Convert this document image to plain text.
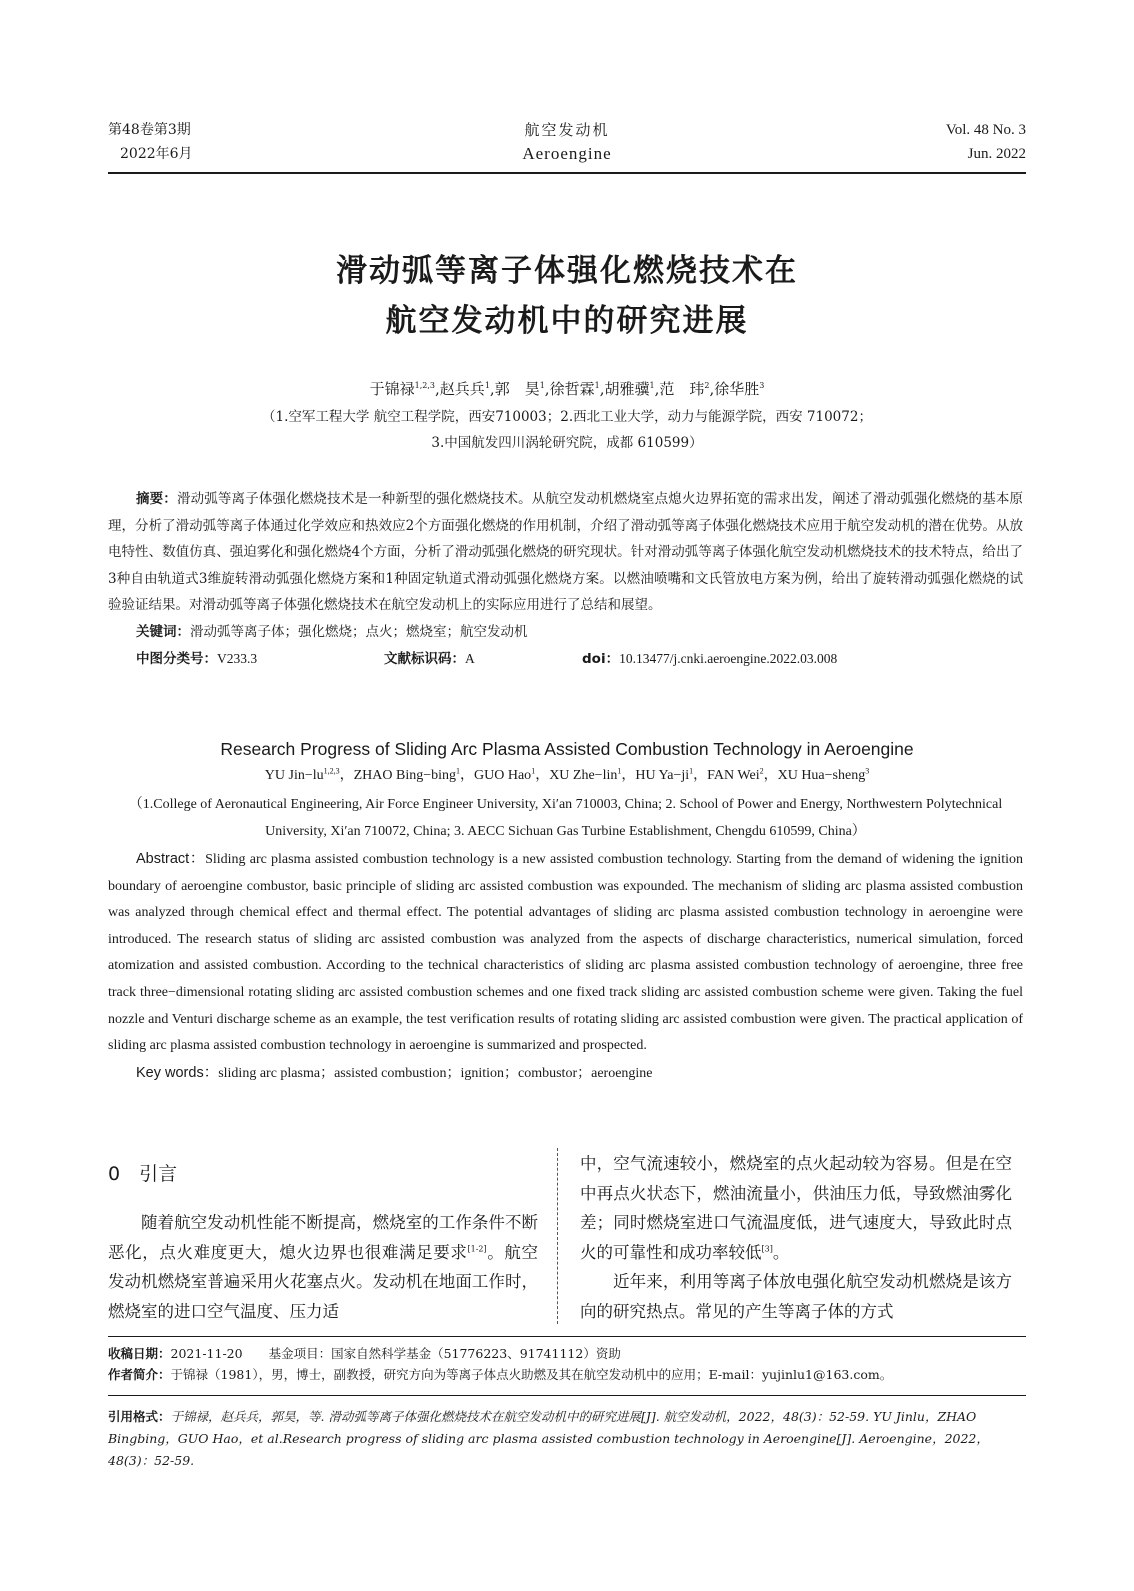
第48卷第3期
2022年6月
航空发动机
Aeroengine
Vol. 48 No. 3
Jun. 2022
滑动弧等离子体强化燃烧技术在
航空发动机中的研究进展
于锦禄$^{1,2,3}$,赵兵兵$^1$,郭　昊$^1$,徐哲霖$^1$,胡雅骥$^1$,范　玮$^2$,徐华胜$^3$
（1.空军工程大学 航空工程学院，西安710003；2.西北工业大学，动力与能源学院，西安 710072；
3.中国航发四川涡轮研究院，成都 610599）

摘要：滑动弧等离子体强化燃烧技术是一种新型的强化燃烧技术。从航空发动机燃烧室点熄火边界拓宽的需求出发，阐述了滑动弧强化燃烧的基本原理，分析了滑动弧等离子体通过化学效应和热效应2个方面强化燃烧的作用机制，介绍了滑动弧等离子体强化燃烧技术应用于航空发动机的潜在优势。从放电特性、数值仿真、强迫雾化和强化燃烧4个方面，分析了滑动弧强化燃烧的研究现状。针对滑动弧等离子体强化航空发动机燃烧技术的技术特点，给出了3种自由轨道式3维旋转滑动弧强化燃烧方案和1种固定轨道式滑动弧强化燃烧方案。以燃油喷嘴和文氏管放电方案为例，给出了旋转滑动弧强化燃烧的试验验证结果。对滑动弧等离子体强化燃烧技术在航空发动机上的实际应用进行了总结和展望。

关键词：滑动弧等离子体；强化燃烧；点火；燃烧室；航空发动机

中图分类号：V233.3	文献标识码：A	doi：10.13477/j.cnki.aeroengine.2022.03.008
Research Progress of Sliding Arc Plasma Assisted Combustion Technology in Aeroengine
YU Jin−lu$^{1,2,3}$，ZHAO Bing−bing$^1$，GUO Hao$^1$，XU Zhe−lin$^1$，HU $Ya-ji^1$，FAN Wei$^2$，XU Hua−sheng$^3$
（1.College of Aeronautical Engineering, Air Force Engineer University, Xi′an 710003, China; 2. School of Power and Energy, Northwestern Polytechnical University, Xi′an 710072, China; 3. AECC Sichuan Gas Turbine Establishment, Chengdu 610599, China）

Abstract：Sliding arc plasma assisted combustion technology is a new assisted combustion technology. Starting from the demand of widening the ignition boundary of aeroengine combustor, basic principle of sliding arc assisted combustion was expounded. The mechanism of sliding arc plasma assisted combustion was analyzed through chemical effect and thermal effect. The potential advantages of sliding arc plasma assisted combustion technology in aeroengine were introduced. The research status of sliding arc assisted combustion was analyzed from the aspects of discharge characteristics, numerical simulation, forced atomization and assisted combustion. According to the technical characteristics of sliding arc plasma assisted combustion technology of aeroengine, three free track three−dimensional rotating sliding arc assisted combustion schemes and one fixed track sliding arc assisted combustion scheme were given. Taking the fuel nozzle and Venturi discharge scheme as an example, the test verification results of rotating sliding arc assisted combustion were given. The practical application of sliding arc plasma assisted combustion technology in aeroengine is summarized and prospected.

Key words：sliding arc plasma；assisted combustion；ignition；combustor；aeroengine

0　引言

随着航空发动机性能不断提高，燃烧室的工作条件不断恶化，点火难度更大，熄火边界也很难满足要求[1-2]。航空发动机燃烧室普遍采用火花塞点火。发动机在地面工作时，燃烧室的进口空气温度、压力适

中，空气流速较小，燃烧室的点火起动较为容易。但是在空中再点火状态下，燃油流量小，供油压力低，导致燃油雾化差；同时燃烧室进口气流温度低，进气速度大，导致此时点火的可靠性和成功率较低[3]。

近年来，利用等离子体放电强化航空发动机燃烧是该方向的研究热点。常见的产生等离子体的方式

收稿日期：2021-11-20 基金项目：国家自然科学基金（51776223、91741112）资助

作者简介：于锦禄（1981），男，博士，副教授，研究方向为等离子体点火助燃及其在航空发动机中的应用；E-mail：yujinlu1@163.com。

引用格式：于锦禄，赵兵兵，郭昊，等. 滑动弧等离子体强化燃烧技术在航空发动机中的研究进展[J]. 航空发动机，2022，48(3)：52-59. YU Jinlu，ZHAO Bingbing，GUO Hao，et al.Research progress of sliding arc plasma assisted combustion technology in Aeroengine[J]. Aeroengine，2022，48(3)：52-59.
